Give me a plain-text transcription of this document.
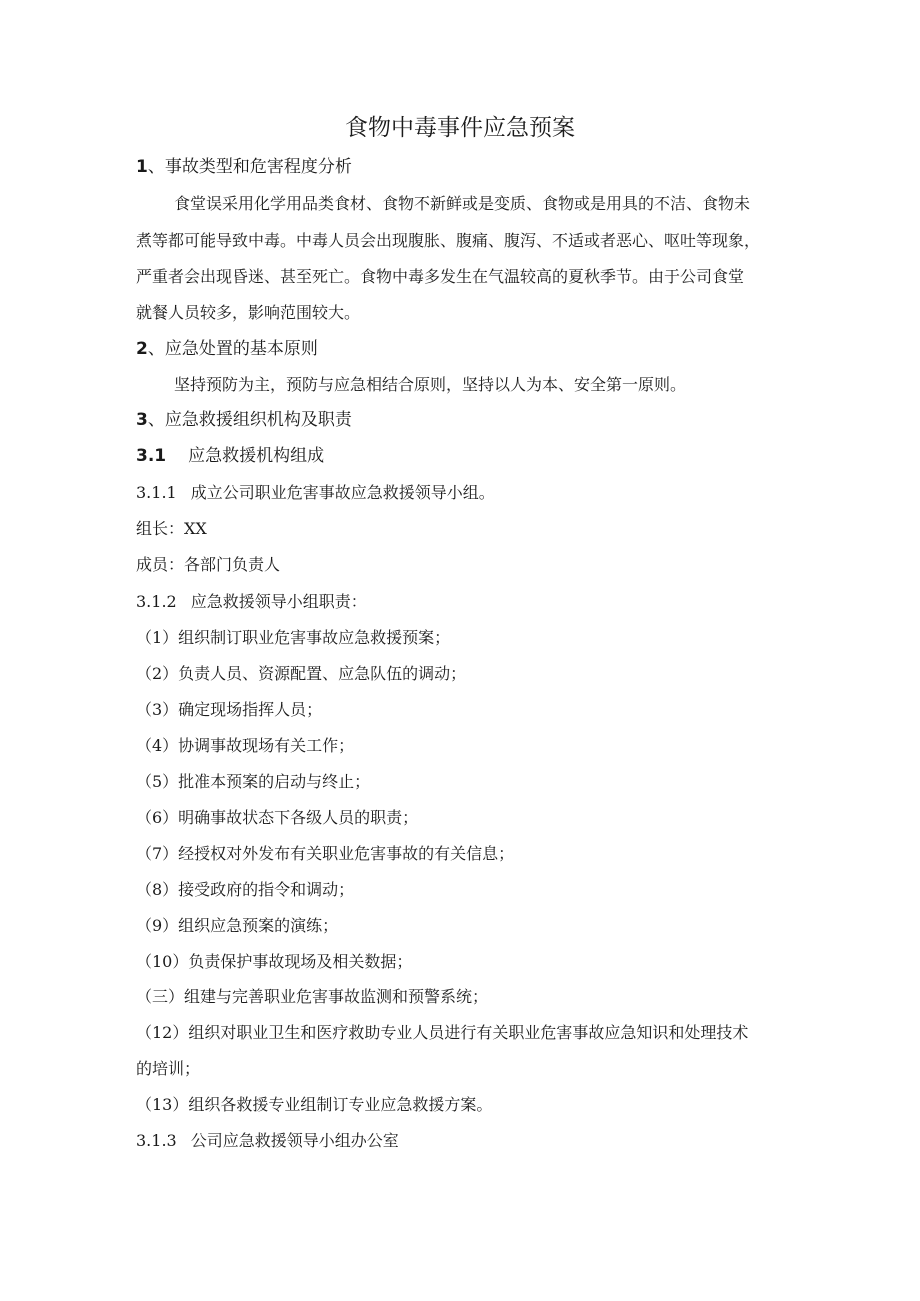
食物中毒事件应急预案
1、事故类型和危害程度分析
食堂误采用化学用品类食材、食物不新鲜或是变质、食物或是用具的不洁、食物未
煮等都可能导致中毒。中毒人员会出现腹胀、腹痛、腹泻、不适或者恶心、呕吐等现象，
严重者会出现昏迷、甚至死亡。食物中毒多发生在气温较高的夏秋季节。由于公司食堂
就餐人员较多，影响范围较大。
2、应急处置的基本原则
坚持预防为主，预防与应急相结合原则，坚持以人为本、安全第一原则。
3、应急救援组织机构及职责
3.1 应急救援机构组成
3.1.1 成立公司职业危害事故应急救援领导小组。
组长：XX
成员：各部门负责人
3.1.2 应急救援领导小组职责：
（1）组织制订职业危害事故应急救援预案；
（2）负责人员、资源配置、应急队伍的调动；
（3）确定现场指挥人员；
（4）协调事故现场有关工作；
（5）批准本预案的启动与终止；
（6）明确事故状态下各级人员的职责；
（7）经授权对外发布有关职业危害事故的有关信息；
（8）接受政府的指令和调动；
（9）组织应急预案的演练；
（10）负责保护事故现场及相关数据；
（三）组建与完善职业危害事故监测和预警系统；
（12）组织对职业卫生和医疗救助专业人员进行有关职业危害事故应急知识和处理技术
的培训；
（13）组织各救援专业组制订专业应急救援方案。
3.1.3 公司应急救援领导小组办公室
